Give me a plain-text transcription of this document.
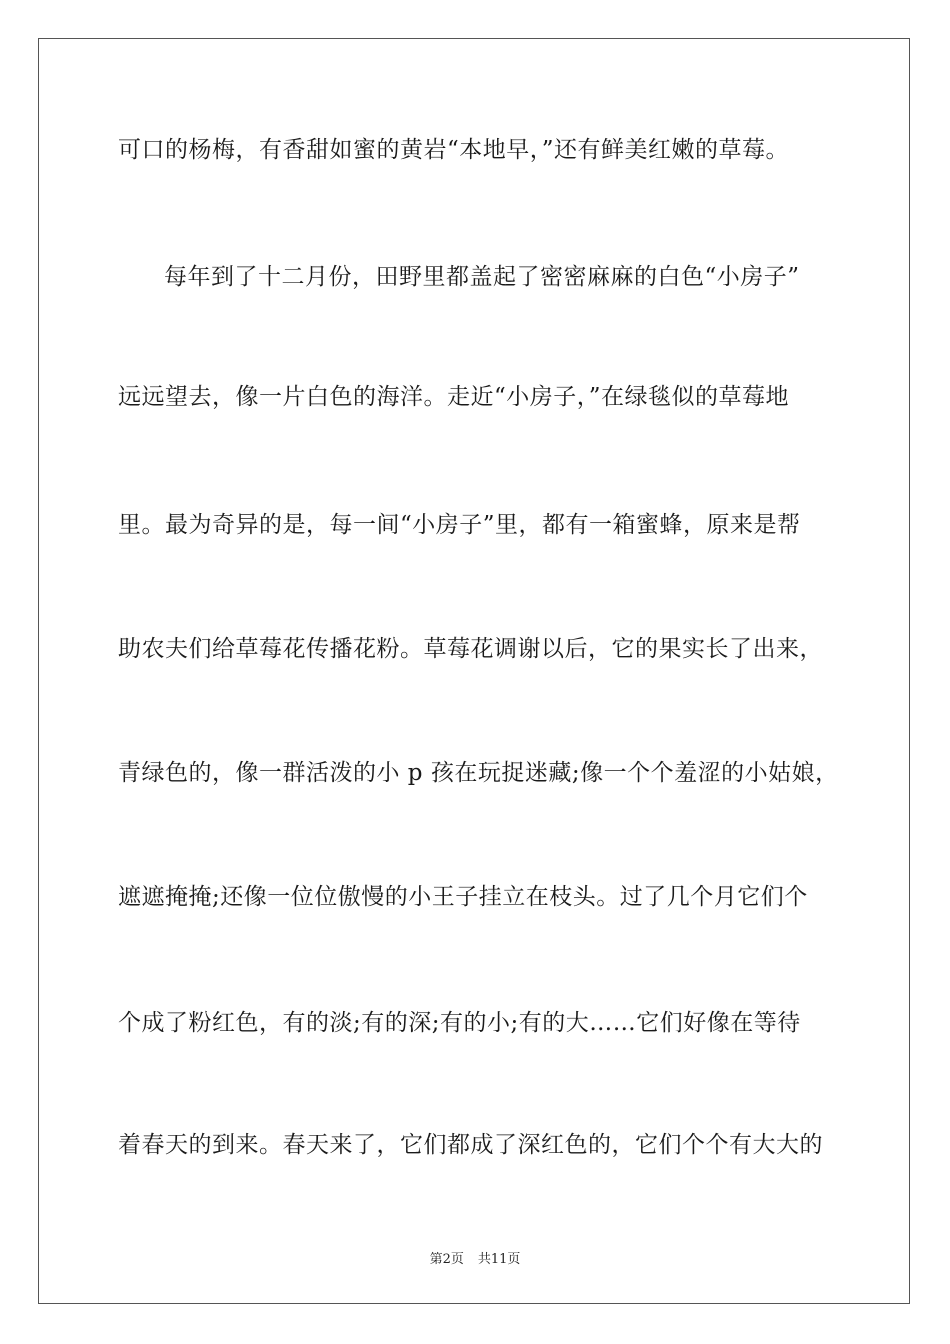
可口的杨梅，有香甜如蜜的黄岩“本地早，”还有鲜美红嫩的草莓。
每年到了十二月份，田野里都盖起了密密麻麻的白色“小房子”
远远望去，像一片白色的海洋。走近“小房子，”在绿毯似的草莓地
里。最为奇异的是，每一间“小房子”里，都有一箱蜜蜂，原来是帮
助农夫们给草莓花传播花粉。草莓花调谢以后，它的果实长了出来，
青绿色的，像一群活泼的小 p 孩在玩捉迷藏;像一个个羞涩的小姑娘，
遮遮掩掩;还像一位位傲慢的小王子挂立在枝头。过了几个月它们个
个成了粉红色，有的淡;有的深;有的小;有的大……它们好像在等待
着春天的到来。春天来了，它们都成了深红色的，它们个个有大大的
第2页 共11页
